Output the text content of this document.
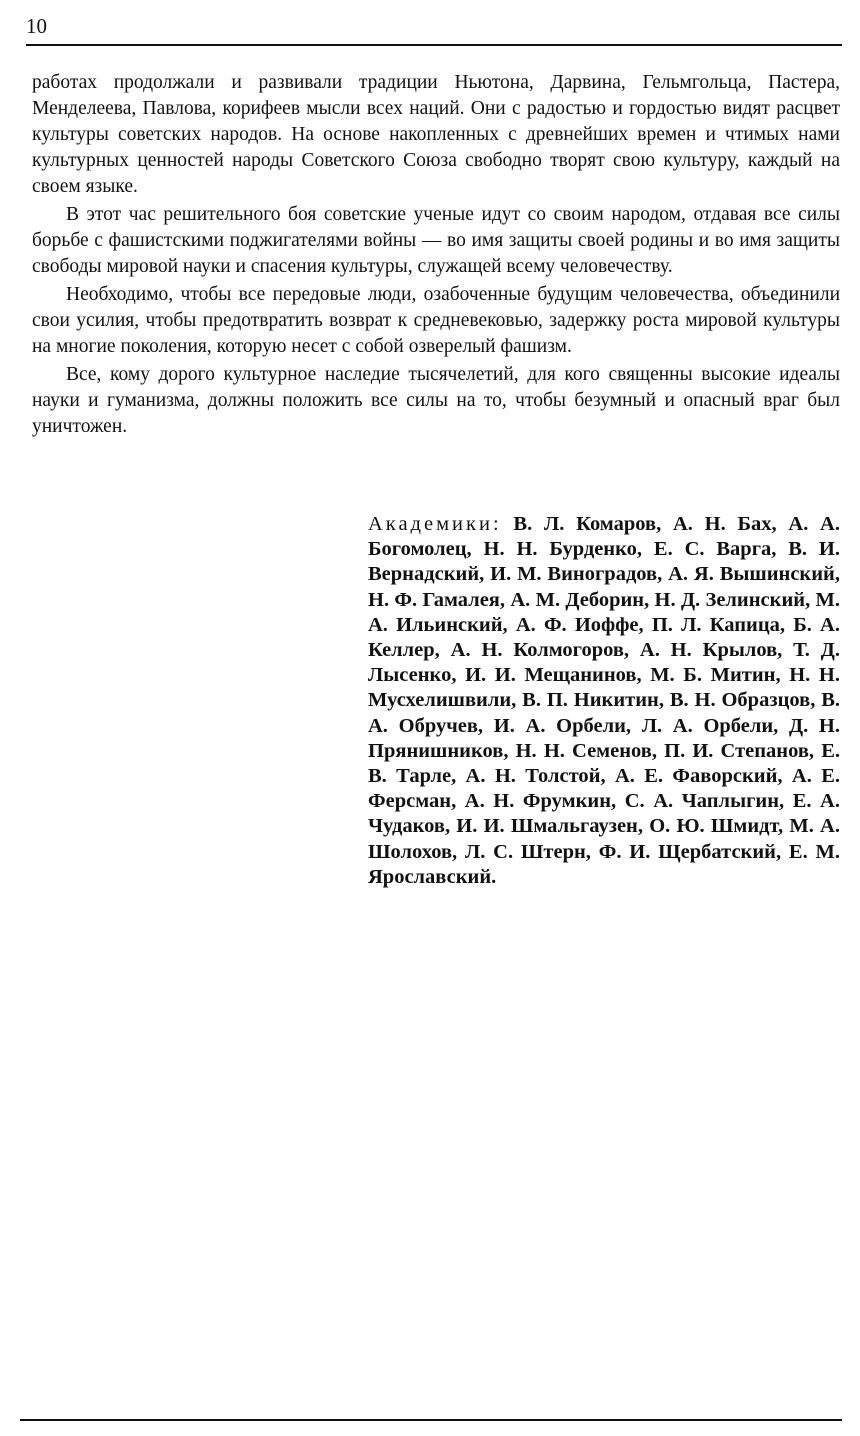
10

работах продолжали и развивали традиции Ньютона, Дарвина, Гельмгольца, Пастера, Менделеева, Павлова, корифеев мысли всех наций. Они с радостью и гордостью видят расцвет культуры советских народов. На основе накопленных с древнейших времен и чтимых нами культурных ценностей народы Советского Союза свободно творят свою культуру, каждый на своем языке.

В этот час решительного боя советские ученые идут со своим народом, отдавая все силы борьбе с фашистскими поджигателями войны — во имя защиты своей родины и во имя защиты свободы мировой науки и спасения культуры, служащей всему человечеству.

Необходимо, чтобы все передовые люди, озабоченные будущим человечества, объединили свои усилия, чтобы предотвратить возврат к средневековью, задержку роста мировой культуры на многие поколения, которую несет с собой озверелый фашизм.

Все, кому дорого культурное наследие тысячелетий, для кого священны высокие идеалы науки и гуманизма, должны положить все силы на то, чтобы безумный и опасный враг был уничтожен.

Академики: В. Л. Комаров, А. Н. Бах, А. А. Богомолец, Н. Н. Бурденко, Е. С. Варга, В. И. Вернадский, И. М. Виноградов, А. Я. Вышинский, Н. Ф. Гамалея, А. М. Деборин, Н. Д. Зелинский, М. А. Ильинский, А. Ф. Иоффе, П. Л. Капица, Б. А. Келлер, А. Н. Колмогоров, А. Н. Крылов, Т. Д. Лысенко, И. И. Мещанинов, М. Б. Митин, Н. Н. Мусхелишвили, В. П. Никитин, В. Н. Образцов, В. А. Обручев, И. А. Орбели, Л. А. Орбели, Д. Н. Прянишников, Н. Н. Семенов, П. И. Степанов, Е. В. Тарле, А. Н. Толстой, А. Е. Фаворский, А. Е. Ферсман, А. Н. Фрумкин, С. А. Чаплыгин, Е. А. Чудаков, И. И. Шмальгаузен, О. Ю. Шмидт, М. А. Шолохов, Л. С. Штерн, Ф. И. Щербатский, Е. М. Ярославский.
